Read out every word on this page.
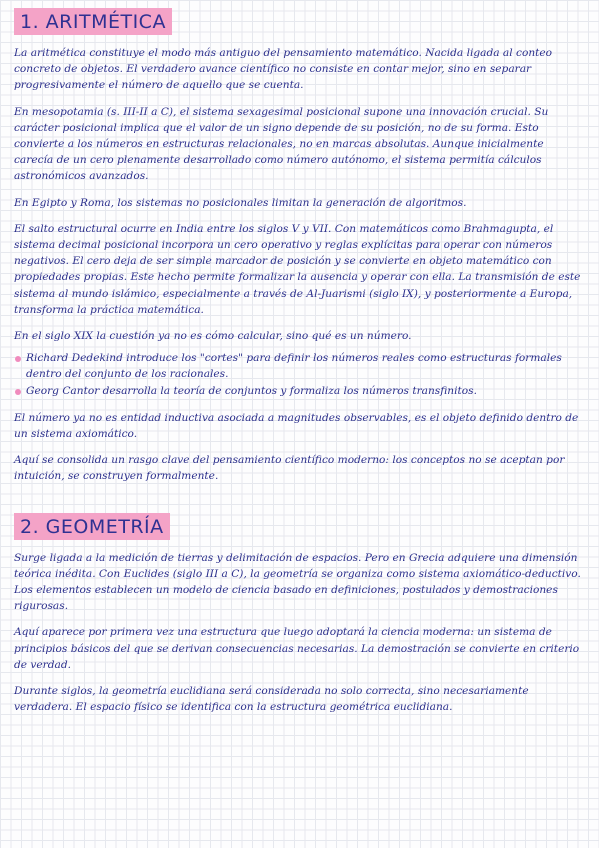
1. ARITMÉTICA

La aritmética constituye el modo más antiguo del pensamiento matemático. Nacida ligada al conteo concreto de objetos. El verdadero avance científico no consiste en contar mejor, sino en separar progresivamente el número de aquello que se cuenta.

En mesopotamia (s. III-II a C), el sistema sexagesimal posicional supone una innovación crucial. Su carácter posicional implica que el valor de un signo depende de su posición, no de su forma. Esto convierte a los números en estructuras relacionales, no en marcas absolutas. Aunque inicialmente carecía de un cero plenamente desarrollado como número autónomo, el sistema permitía cálculos astronómicos avanzados.

En Egipto y Roma, los sistemas no posicionales limitan la generación de algoritmos.

El salto estructural ocurre en India entre los siglos V y VII. Con matemáticos como Brahmagupta, el sistema decimal posicional incorpora un cero operativo y reglas explícitas para operar con números negativos. El cero deja de ser simple marcador de posición y se convierte en objeto matemático con propiedades propias. Este hecho permite formalizar la ausencia y operar con ella. La transmisión de este sistema al mundo islámico, especialmente a través de Al-Juarismi (siglo IX), y posteriormente a Europa, transforma la práctica matemática.

En el siglo XIX la cuestión ya no es cómo calcular, sino qué es un número.

Richard Dedekind introduce los "cortes" para definir los números reales como estructuras formales dentro del conjunto de los racionales.
Georg Cantor desarrolla la teoría de conjuntos y formaliza los números transfinitos.

El número ya no es entidad inductiva asociada a magnitudes observables, es el objeto definido dentro de un sistema axiomático.

Aquí se consolida un rasgo clave del pensamiento científico moderno: los conceptos no se aceptan por intuición, se construyen formalmente.

2. GEOMETRÍA

Surge ligada a la medición de tierras y delimitación de espacios. Pero en Grecia adquiere una dimensión teórica inédita. Con Euclides (siglo III a C), la geometría se organiza como sistema axiomático-deductivo. Los elementos establecen un modelo de ciencia basado en definiciones, postulados y demostraciones rigurosas.

Aquí aparece por primera vez una estructura que luego adoptará la ciencia moderna: un sistema de principios básicos del que se derivan consecuencias necesarias. La demostración se convierte en criterio de verdad.

Durante siglos, la geometría euclidiana será considerada no solo correcta, sino necesariamente verdadera. El espacio físico se identifica con la estructura geométrica euclidiana.
